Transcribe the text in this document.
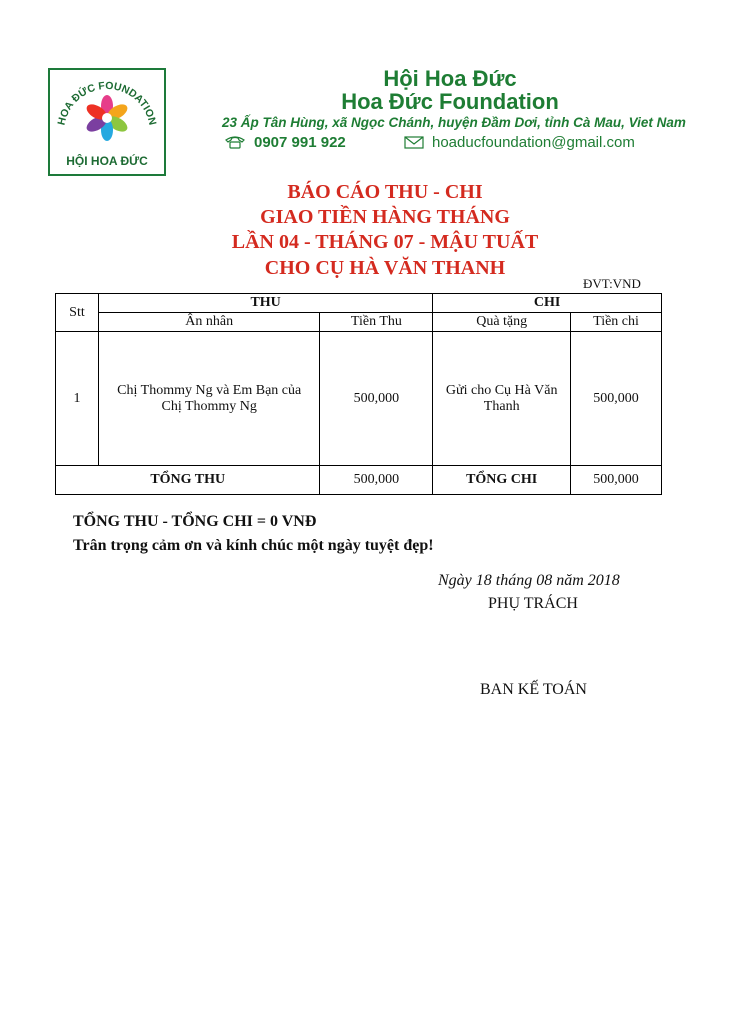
HOA ĐỨC FOUNDATION
HỘI HOA ĐỨC
Hội Hoa Đức
Hoa Đức Foundation
23 Ấp Tân Hùng, xã Ngọc Chánh, huyện Đầm Dơi, tỉnh Cà Mau, Viet Nam
0907 991 922	hoaducfoundation@gmail.com
BÁO CÁO THU - CHI
GIAO TIỀN HÀNG THÁNG
LẦN 04 - THÁNG 07 - MẬU TUẤT
CHO CỤ HÀ VĂN THANH
ĐVT:VND
Stt	THU		CHI	
	Ân nhân	Tiền Thu	Quà tặng	Tiền chi
1	Chị Thommy Ng và Em Bạn của Chị Thommy Ng	500,000	Gửi cho Cụ Hà Văn Thanh	500,000
TỔNG THU		500,000	TỔNG CHI	500,000
TỔNG THU - TỔNG CHI = 0 VNĐ
Trân trọng cảm ơn và kính chúc một ngày tuyệt đẹp!
Ngày 18 tháng 08 năm 2018
PHỤ TRÁCH
BAN KẾ TOÁN
